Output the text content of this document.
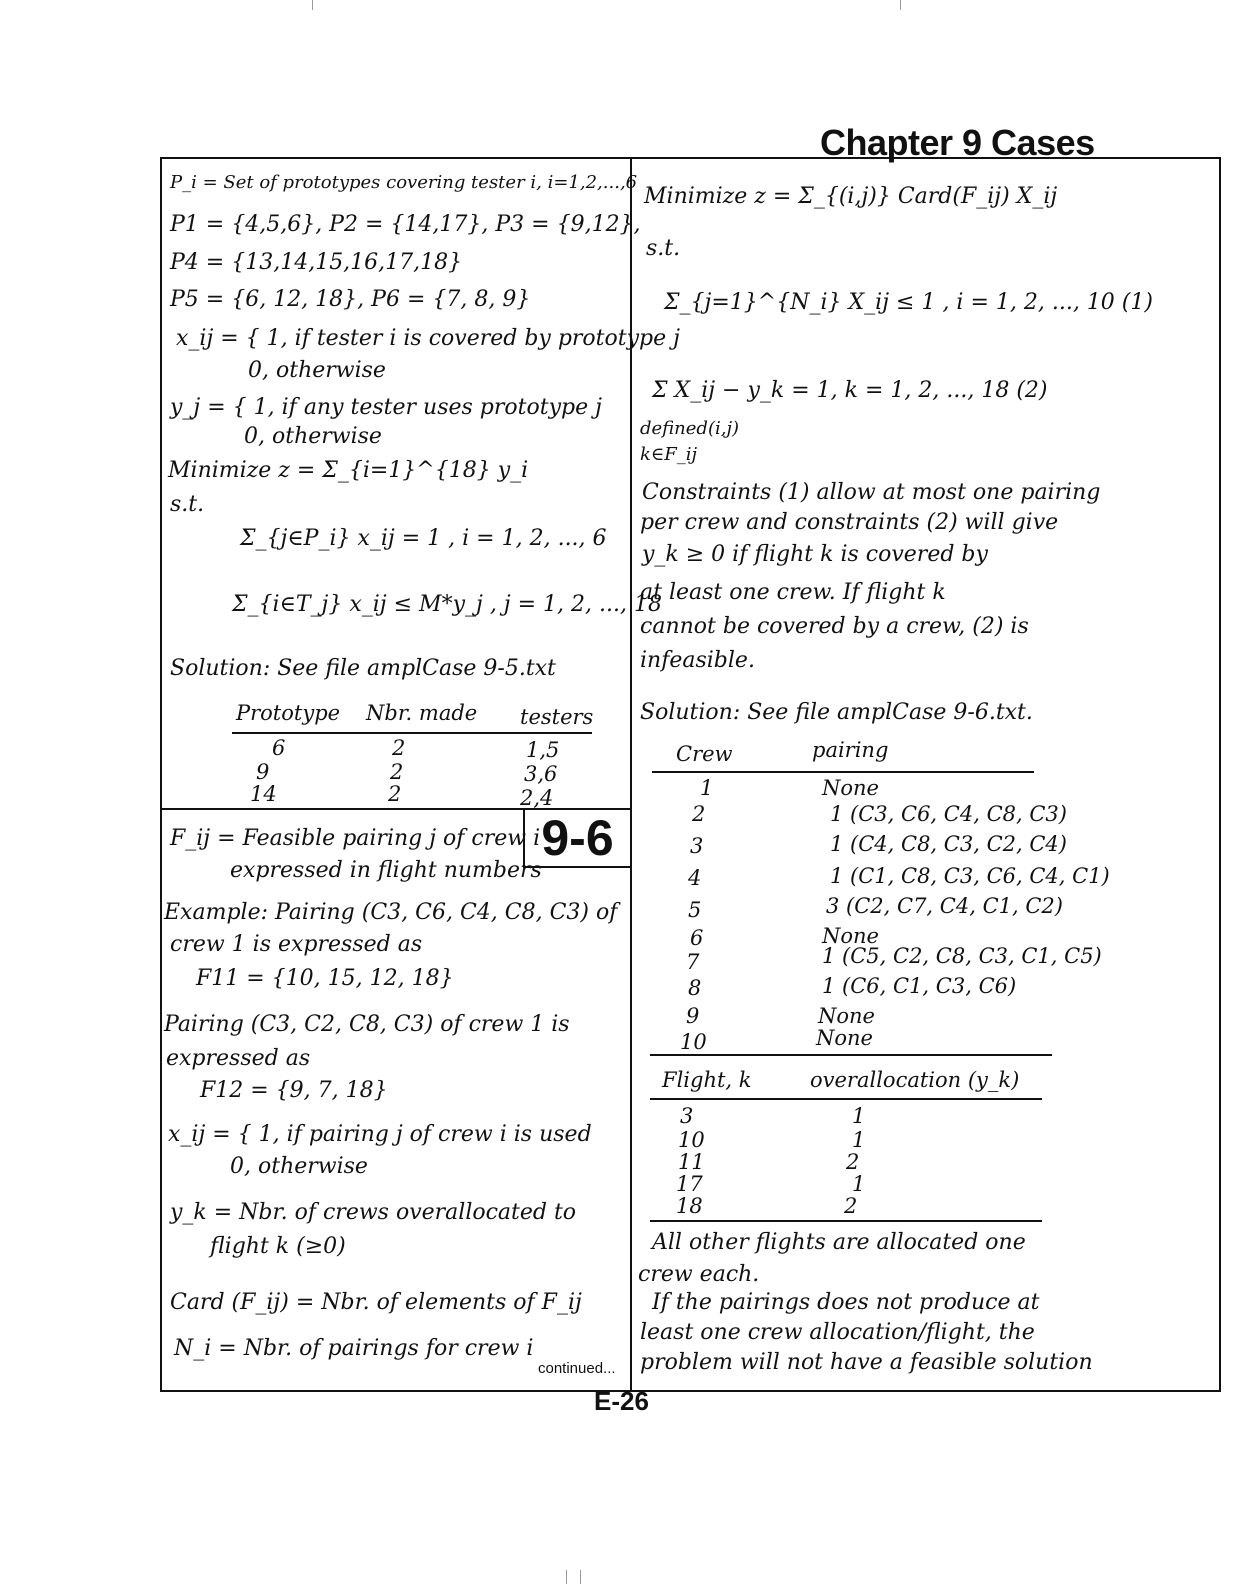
Chapter 9 Cases
9-6
P_i = Set of prototypes covering tester i, i=1,2,...,6
P1 = {4,5,6}, P2 = {14,17}, P3 = {9,12},
P4 = {13,14,15,16,17,18}
P5 = {6, 12, 18}, P6 = {7, 8, 9}
x_ij = { 1, if tester i is covered by prototype j
0, otherwise
y_j = { 1, if any tester uses prototype j
0, otherwise
Minimize z = Σ_{i=1}^{18} y_i
s.t.
Σ_{j∈P_i} x_ij = 1 , i = 1, 2, ..., 6
Σ_{i∈T_j} x_ij ≤ M*y_j , j = 1, 2, ..., 18
Solution: See file amplCase 9-5.txt
Prototype Nbr. made testers
6	2	1,5
9	2	3,6
14	2	2,4
F_ij = Feasible pairing j of crew i
expressed in flight numbers
Example: Pairing (C3, C6, C4, C8, C3) of
crew 1 is expressed as
F11 = {10, 15, 12, 18}
Pairing (C3, C2, C8, C3) of crew 1 is
expressed as
F12 = {9, 7, 18}
x_ij = { 1, if pairing j of crew i is used
0, otherwise
y_k = Nbr. of crews overallocated to
flight k (≥0)
Card (F_ij) = Nbr. of elements of F_ij
N_i = Nbr. of pairings for crew i
continued...
Minimize z = Σ_{(i,j)} Card(F_ij) X_ij
s.t.
Σ_{j=1}^{N_i} X_ij ≤ 1 , i = 1, 2, ..., 10 (1)
Σ X_ij − y_k = 1, k = 1, 2, ..., 18 (2)
defined(i,j)
k∈F_ij
Constraints (1) allow at most one pairing
per crew and constraints (2) will give
y_k ≥ 0 if flight k is covered by
at least one crew. If flight k
cannot be covered by a crew, (2) is
infeasible.
Solution: See file amplCase 9-6.txt.
Crew	pairing
1	None
2	1 (C3, C6, C4, C8, C3)
3	1 (C4, C8, C3, C2, C4)
4	1 (C1, C8, C3, C6, C4, C1)
5	3 (C2, C7, C4, C1, C2)
6	None
7	1 (C5, C2, C8, C3, C1, C5)
8	1 (C6, C1, C3, C6)
9	None
10	None
Flight, k	overallocation (y_k)
3	1
10	1
11	2
17	1
18	2
All other flights are allocated one
crew each.
If the pairings does not produce at
least one crew allocation/flight, the
problem will not have a feasible solution
E-26
